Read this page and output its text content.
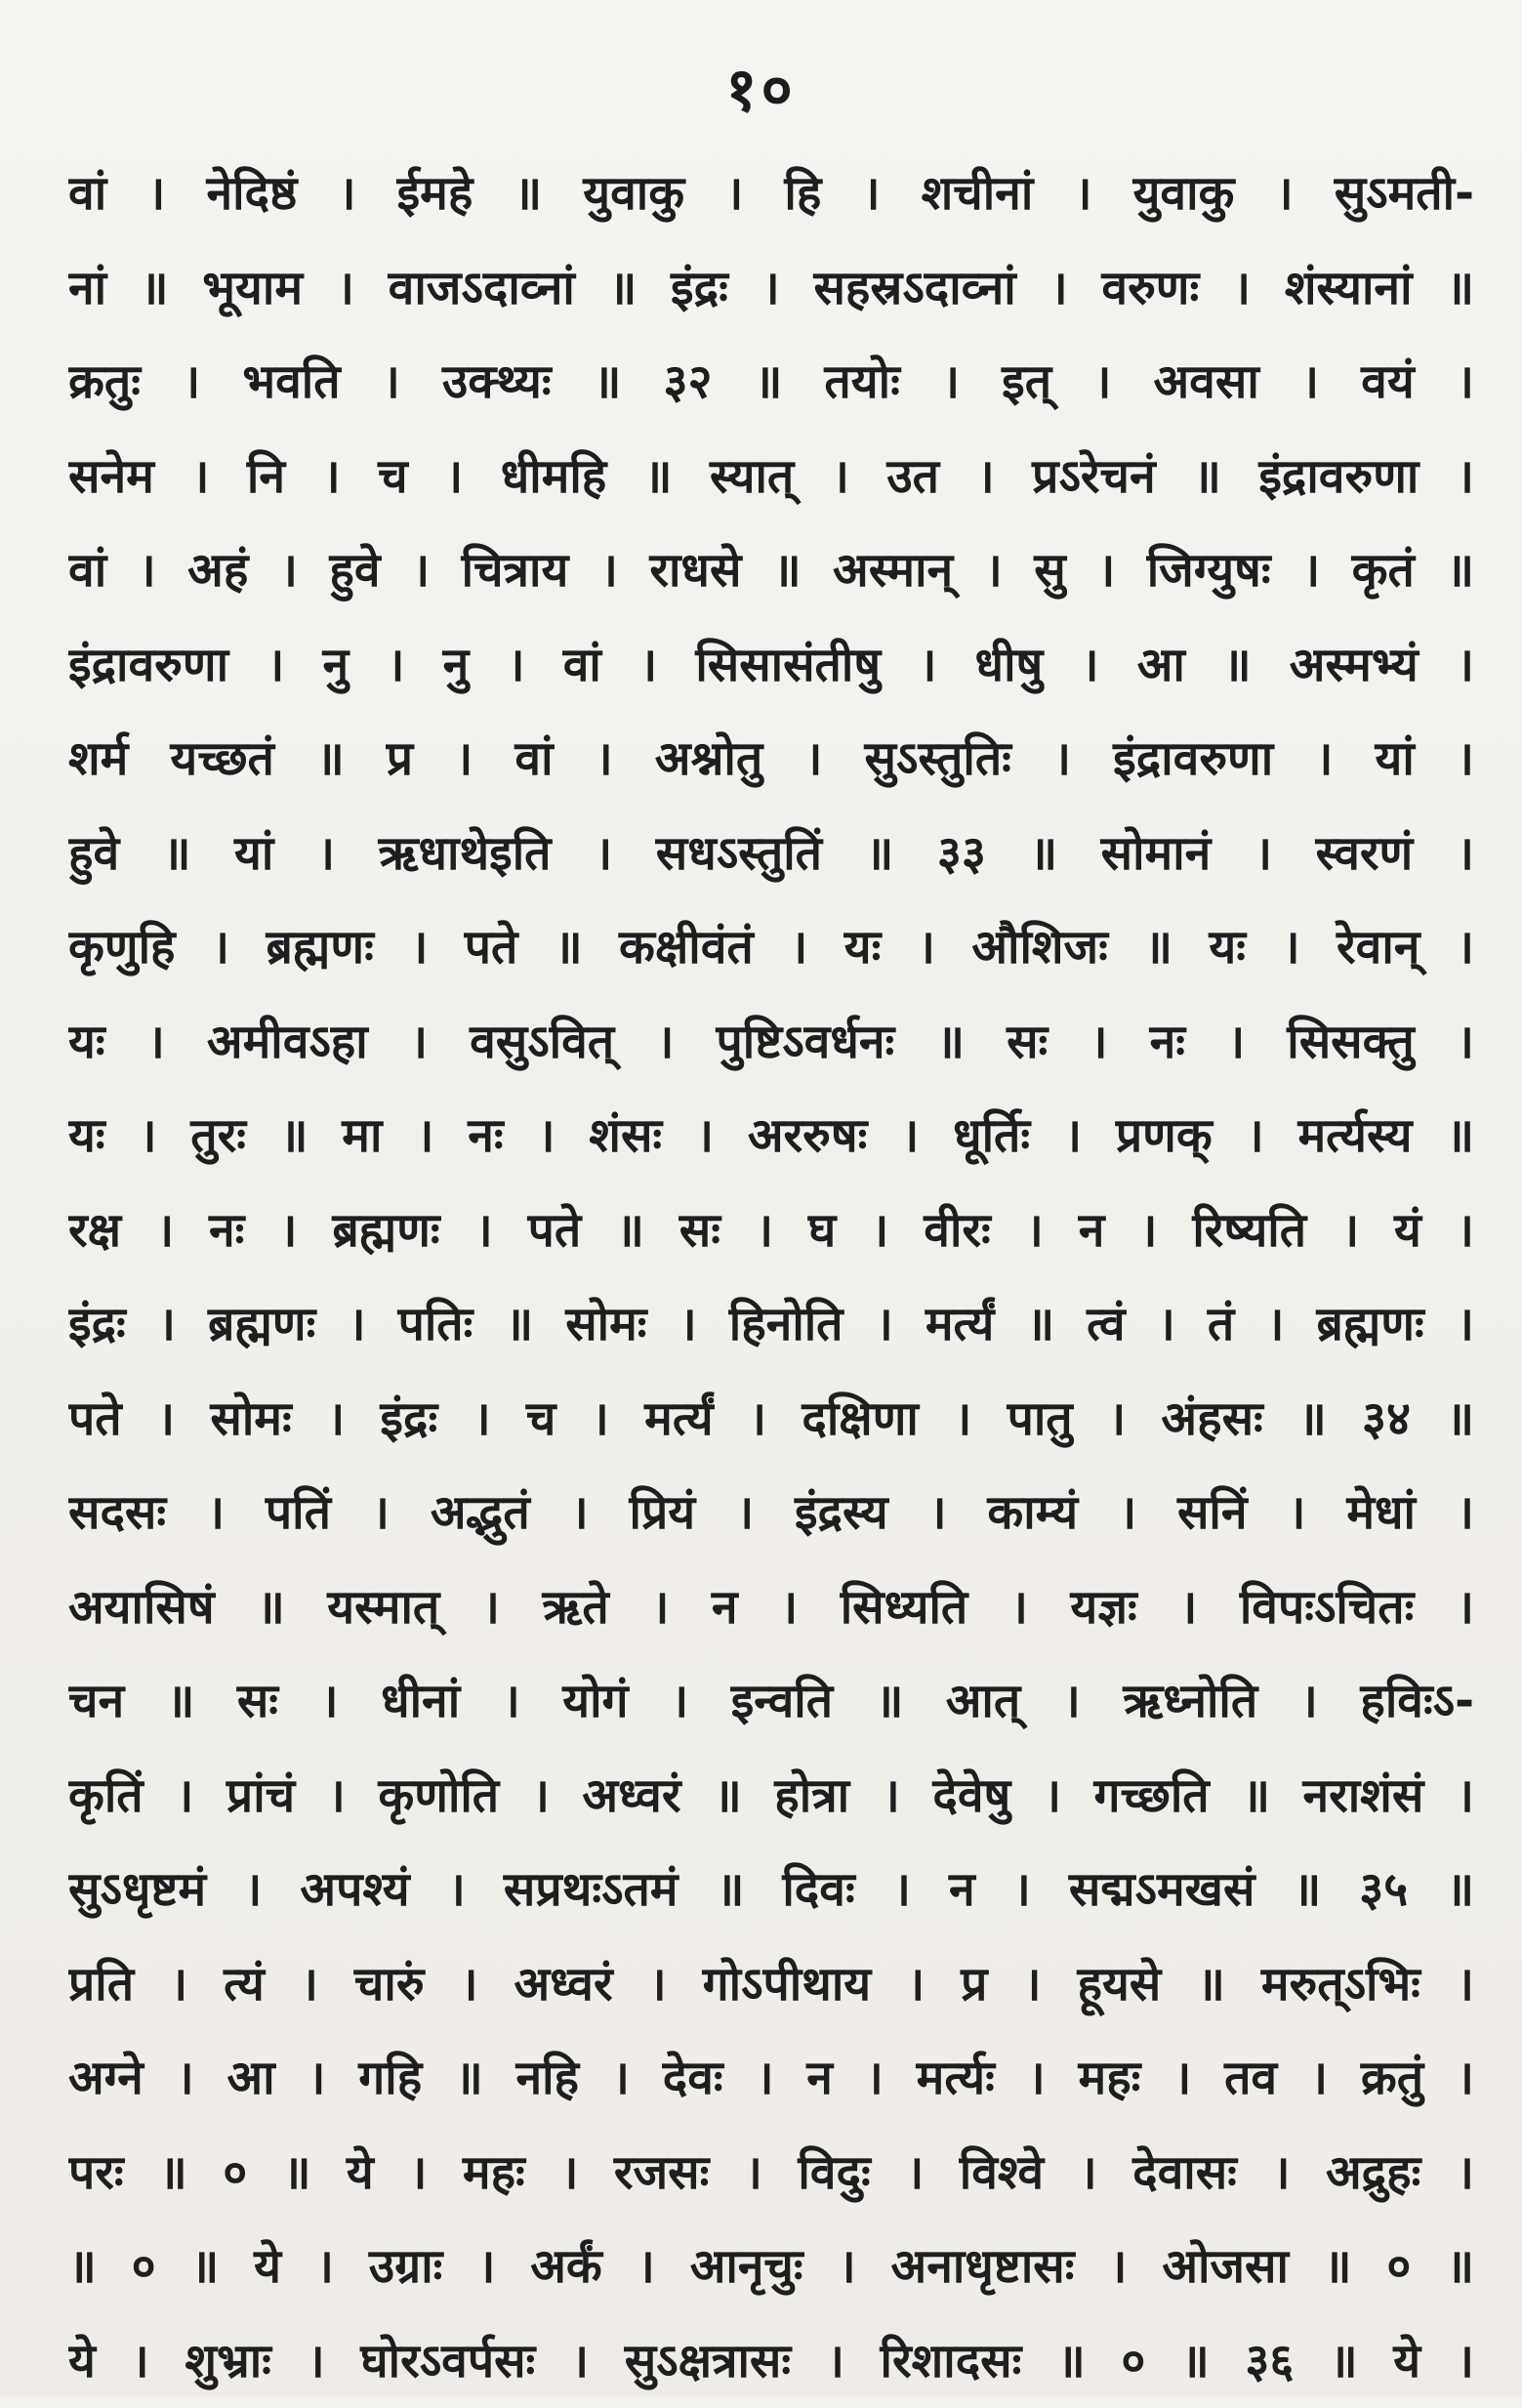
१०
वां । नेदिष्ठं । ईमहे ॥ युवाकु । हि । शचीनां । युवाकु । सुऽमती-
नां ॥ भूयाम । वाजऽदाव्नां ॥ इंद्रः । सहस्रऽदाव्नां । वरुणः । शंस्यानां ॥
क्रतुः । भवति । उक्थ्यः ॥ ३२ ॥ तयोः । इत् । अवसा । वयं ।
सनेम । नि । च । धीमहि ॥ स्यात् । उत । प्रऽरेचनं ॥ इंद्रावरुणा ।
वां । अहं । हुवे । चित्राय । राधसे ॥ अस्मान् । सु । जिग्युषः । कृतं ॥
इंद्रावरुणा । नु । नु । वां । सिसासंतीषु । धीषु । आ ॥ अस्मभ्यं ।
शर्म यच्छतं ॥ प्र । वां । अश्नोतु । सुऽस्तुतिः । इंद्रावरुणा । यां ।
हुवे ॥ यां । ऋधाथेइति । सधऽस्तुतिं ॥ ३३ ॥ सोमानं । स्वरणं ।
कृणुहि । ब्रह्मणः । पते ॥ कक्षीवंतं । यः । औशिजः ॥ यः । रेवान् ।
यः । अमीवऽहा । वसुऽवित् । पुष्टिऽवर्धनः ॥ सः । नः । सिसक्तु ।
यः । तुरः ॥ मा । नः । शंसः । अररुषः । धूर्तिः । प्रणक् । मर्त्यस्य ॥
रक्ष । नः । ब्रह्मणः । पते ॥ सः । घ । वीरः । न । रिष्यति । यं ।
इंद्रः । ब्रह्मणः । पतिः ॥ सोमः । हिनोति । मर्त्यं ॥ त्वं । तं । ब्रह्मणः ।
पते । सोमः । इंद्रः । च । मर्त्यं । दक्षिणा । पातु । अंहसः ॥ ३४ ॥
सदसः । पतिं । अद्भुतं । प्रियं । इंद्रस्य । काम्यं । सनिं । मेधां ।
अयासिषं ॥ यस्मात् । ऋते । न । सिध्यति । यज्ञः । विपःऽचितः ।
चन ॥ सः । धीनां । योगं । इन्वति ॥ आत् । ऋध्नोति । हविःऽ-
कृतिं । प्रांचं । कृणोति । अध्वरं ॥ होत्रा । देवेषु । गच्छति ॥ नराशंसं ।
सुऽधृष्टमं । अपश्यं । सप्रथःऽतमं ॥ दिवः । न । सद्मऽमखसं ॥ ३५ ॥
प्रति । त्यं । चारुं । अध्वरं । गोऽपीथाय । प्र । हूयसे ॥ मरुत्ऽभिः ।
अग्ने । आ । गहि ॥ नहि । देवः । न । मर्त्यः । महः । तव । क्रतुं ।
परः ॥ ० ॥ ये । महः । रजसः । विदुः । विश्वे । देवासः । अद्रुहः ।
॥ ० ॥ ये । उग्राः । अर्कं । आनृचुः । अनाधृष्टासः । ओजसा ॥ ० ॥
ये । शुभ्राः । घोरऽवर्पसः । सुऽक्षत्रासः । रिशादसः ॥ ० ॥ ३६ ॥ ये ।
